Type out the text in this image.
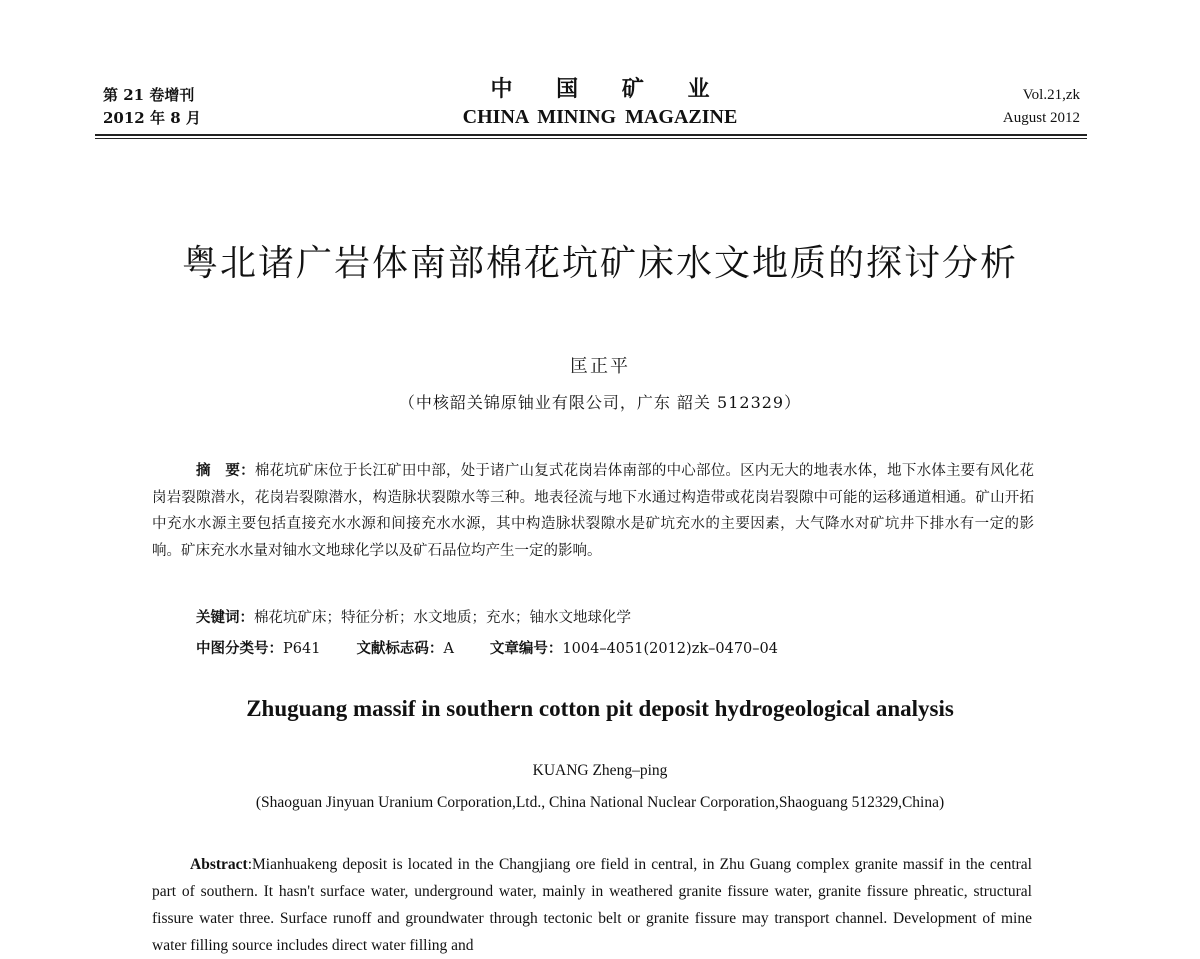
第 21 卷增刊
2012 年 8 月
中 国 矿 业
CHINA MINING MAGAZINE
Vol.21,zk
August 2012
粤北诸广岩体南部棉花坑矿床水文地质的探讨分析
匡正平
（中核韶关锦原铀业有限公司，广东 韶关 512329）
摘　要：棉花坑矿床位于长江矿田中部，处于诸广山复式花岗岩体南部的中心部位。区内无大的地表水体，地下水体主要有风化花岗岩裂隙潜水，花岗岩裂隙潜水，构造脉状裂隙水等三种。地表径流与地下水通过构造带或花岗岩裂隙中可能的运移通道相通。矿山开拓中充水水源主要包括直接充水水源和间接充水水源，其中构造脉状裂隙水是矿坑充水的主要因素，大气降水对矿坑井下排水有一定的影响。矿床充水水量对铀水文地球化学以及矿石品位均产生一定的影响。
关键词：棉花坑矿床；特征分析；水文地质；充水；铀水文地球化学
中图分类号：P641 文献标志码：A 文章编号：1004–4051(2012)zk–0470–04
Zhuguang massif in southern cotton pit deposit hydrogeological analysis
KUANG Zheng–ping
(Shaoguan Jinyuan Uranium Corporation,Ltd., China National Nuclear Corporation,Shaoguang 512329,China)
Abstract:Mianhuakeng deposit is located in the Changjiang ore field in central, in Zhu Guang complex granite massif in the central part of southern. It hasn't surface water, underground water, mainly in weathered granite fissure water, granite fissure phreatic, structural fissure water three. Surface runoff and groundwater through tectonic belt or granite fissure may transport channel. Development of mine water filling source includes direct water filling and
